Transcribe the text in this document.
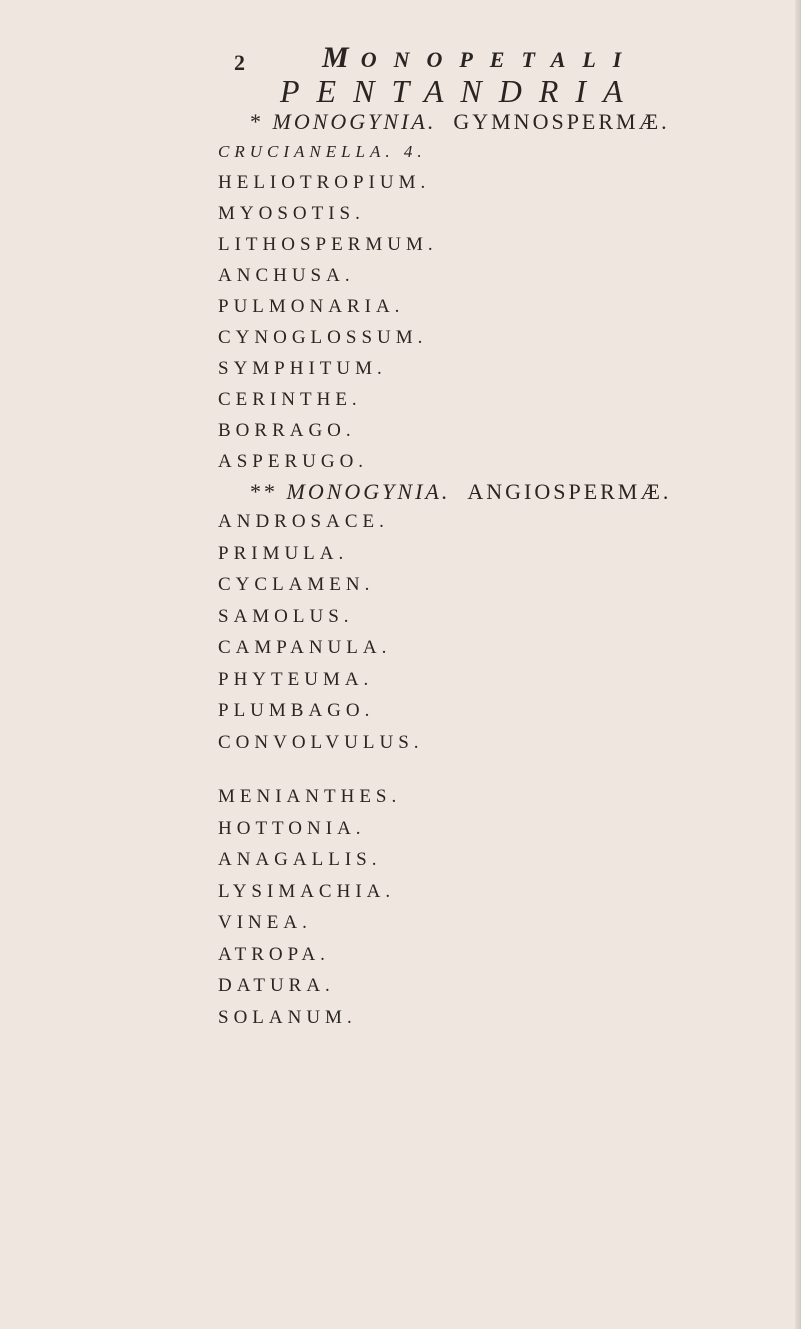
2	MONOPETALI
PENTANDRIA
* MONOGYNIA. GYMNOSPERMÆ.
CRUCIANELLA. 4.
HELIOTROPIUM.
MYOSOTIS.
LITHOSPERMUM.
ANCHUSA.
PULMONARIA.
CYNOGLOSSUM.
SYMPHITUM.
CERINTHE.
BORRAGO.
ASPERUGO.
** MONOGYNIA. ANGIOSPERMÆ.
ANDROSACE.
PRIMULA.
CYCLAMEN.
SAMOLUS.
CAMPANULA.
PHYTEUMA.
PLUMBAGO.
CONVOLVULUS.
MENIANTHES.
HOTTONIA.
ANAGALLIS.
LYSIMACHIA.
VINEA.
ATROPA.
DATURA.
SOLANUM.
